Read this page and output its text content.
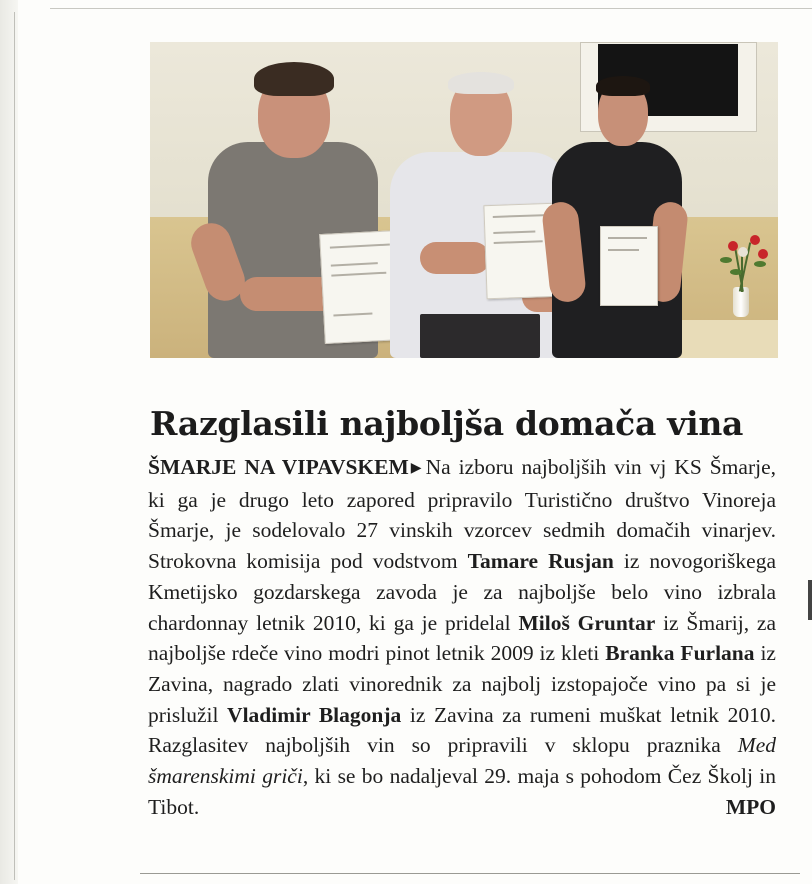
Razglasili najboljša domača vina
ŠMARJE NA VIPAVSKEM ▶ Na izboru najboljših vin vj KS Šmarje, ki ga je drugo leto zapored pripravilo Turistično društvo Vinoreja Šmarje, je sodelovalo 27 vinskih vzorcev sedmih domačih vinarjev. Strokovna komisija pod vodstvom Tamare Rusjan iz novogoriškega Kmetijsko gozdarskega zavoda je za najboljše belo vino izbrala chardonnay letnik 2010, ki ga je pridelal Miloš Gruntar iz Šmarij, za najboljše rdeče vino modri pinot letnik 2009 iz kleti Branka Furlana iz Zavina, nagrado zlati vinorednik za najbolj izstopajoče vino pa si je prislužil Vladimir Blagonja iz Zavina za rumeni muškat letnik 2010. Razglasitev najboljših vin so pripravili v sklopu praznika Med šmarenskimi griči, ki se bo nadaljeval 29. maja s pohodom Čez Školj in Tibot.	MPO
